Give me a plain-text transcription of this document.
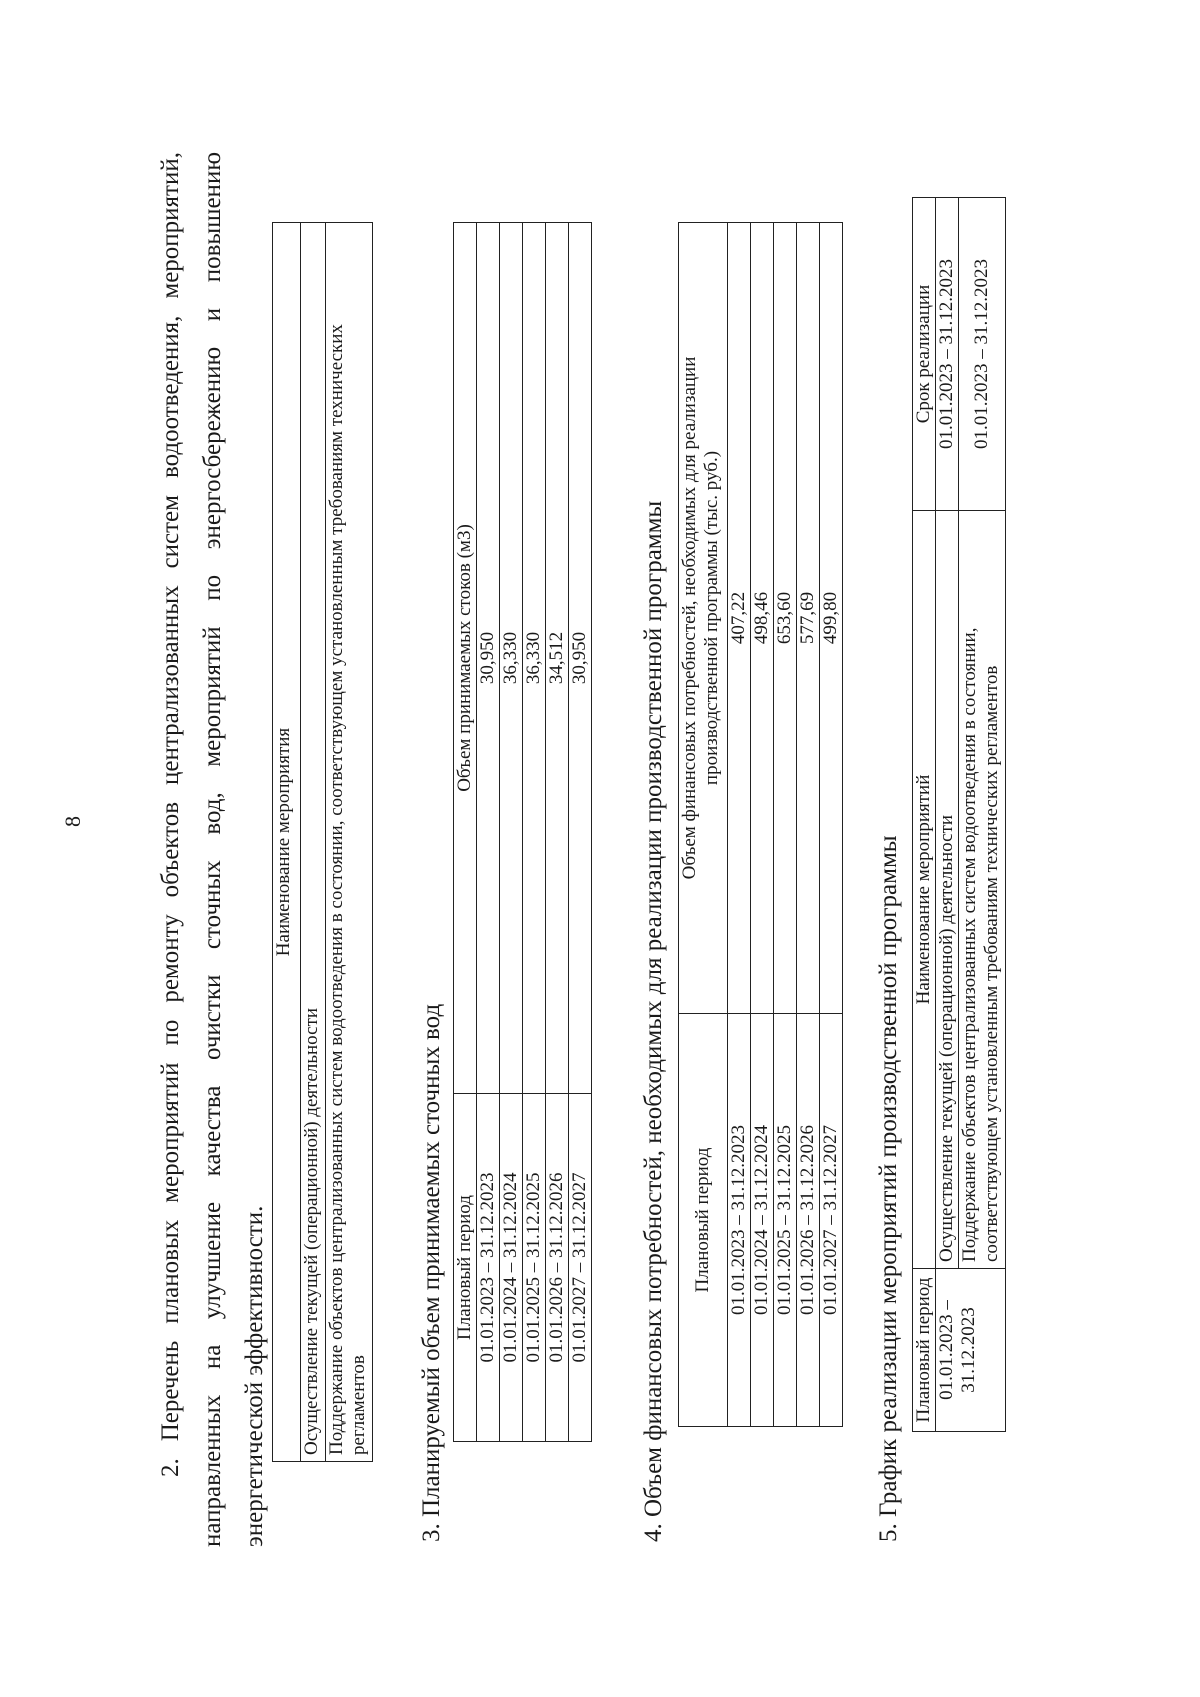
8	2. Перечень плановых мероприятий по ремонту объектов централизованных систем водоотведения, мероприятий, направленных на улучшение качества очистки сточных вод, мероприятий по энергосбережению и повышению энергетической эффективности.
Наименование мероприятия
Осуществление текущей (операционной) деятельности
Поддержание объектов централизованных систем водоотведения в состоянии, соответствующем установленным требованиям технических регламентов 3. Планируемый объем принимаемых сточных вод Плановый период	Объем принимаемых стоков (м3)
01.01.2023 – 31.12.2023	30,950
01.01.2024 – 31.12.2024	36,330
01.01.2025 – 31.12.2025	36,330
01.01.2026 – 31.12.2026	34,512
01.01.2027 – 31.12.2027	30,950 4. Объем финансовых потребностей, необходимых для реализации производственной программы Плановый период	Объем финансовых потребностей, необходимых для реализации производственной программы (тыс. руб.)
01.01.2023 – 31.12.2023	407,22
01.01.2024 – 31.12.2024	498,46
01.01.2025 – 31.12.2025	653,60
01.01.2026 – 31.12.2026	577,69
01.01.2027 – 31.12.2027	499,80
5. График реализации мероприятий производственной программы Плановый период	Наименование мероприятий	Срок реализации
01.01.2023 – 31.12.2023	Осуществление текущей (операционной) деятельности	01.01.2023 – 31.12.2023
	Поддержание объектов централизованных систем водоотведения в состоянии, соответствующем установленным требованиям технических регламентов	01.01.2023 – 31.12.2023
